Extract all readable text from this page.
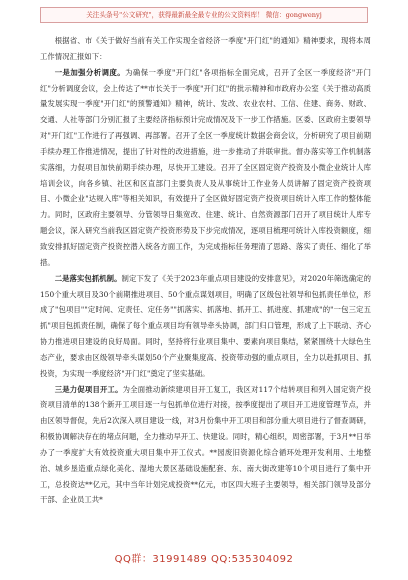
关注头条号"公文研究"，获得最新最全最专业的公文资料库！ 微信：gongwenyj

根据省、市《关于做好当前有关工作实现全省经济一季度"开门红"的通知》精神要求，现将本周工作情况汇报如下：

一是加强分析调度。为确保一季度"开门红"各项指标全面完成，召开了全区一季度经济"开门红"分析调度会议，会上传达了**市长关于一季度"开门红"的批示精神和市政府办公室《关于推动高质量发展实现一季度"开门红"的预警通知》精神，统计、发改、农业农村、工信、住建、商务、财政、交通、人社等部门分别汇报了主要经济指标预计完成情况及下一步工作措施。区委、区政府主要领导对"开门红"工作进行了再强调、再部署。召开了全区一季度统计数据会商会议，分析研究了项目前期手续办理工作推进情况，提出了针对性的改进措施，进一步推动了并联审批。督办落实等工作机制落实落细，力促项目加快前期手续办理，尽快开工建设。召开了全区固定资产投资及小微企业统计人库培训会议，向各乡镇、社区和区直部门主要负责人及从事统计工作业务人员讲解了固定资产投资项目、小微企业"达规入库"等相关知识，有效提升了全区做好固定资产投资项目统计入库工作的整体能力。同时，区政府主要领导、分管领导日集宽改、住建、统计、自然资源部门召开了项目统计人库专题会议，深入研究当前我区固定资产投资形势及下步完成情况，逐项目梳理可统计入库投资额度，细致安排抓好固定资产投资控潜入统各方面工作，为完成指标任务理清了思路、落实了责任、细化了举措。

二是落实包抓机制。制定下发了《关于2023年重点项目建设的安排意见》，对2020年筛选确定的150个重大项目及30个前期推进项目、50个重点谋划项目，明确了区级包社领导和包抓责任单位，形成了"包项目""定时间、定责任、定任务""抓落实、抓落地、抓开工、抓进度、抓建成"的"一包三定五抓"项目包抓责任制，确保了每个重点项目均有领导牵头协调，部门归口管理，形成了上下联动、齐心协力推进项目建设的良好局面。同时，坚持将行业项目集中、要素向项目集结，紧紧围绕十大绿色生态产业，要求由区级领导牵头谋划50个产业聚集度高、投资带动强的重点项目，全力以赴抓项目、抓投资，为实现一季度经济"开门红"奠定了坚实基础。

三是力促项目开工。为全面推动新续建项目开工复工，我区对117个结转项目和列入国定资产投资项目清单的138个新开工项目逐一与包抓单位进行对接，按季度提出了项目开工进度管理节点，并由区领导督促，先后2次深入项目建设一线，对3月份集中开工项目和部分重大项目进行了督查调研，积极协调解决存在的堵点问题，全力推动早开工、快建设。同时，精心组织，周密部署，于3月**日举办了一季度扩大有效投资重大项目集中开工仪式。**园废旧资源化综合循环处理开发利用、土地整治、城乡垦造重点绿化美化、湿地大景区基础设施配套、东、南大街改建等10个项目进行了集中开工，总投资达**亿元，其中当年计划完成投资**亿元，市区四大班子主要领导，相关部门领导及部分干部、企业员工共*

QQ群：31991489 QQ:535304092
